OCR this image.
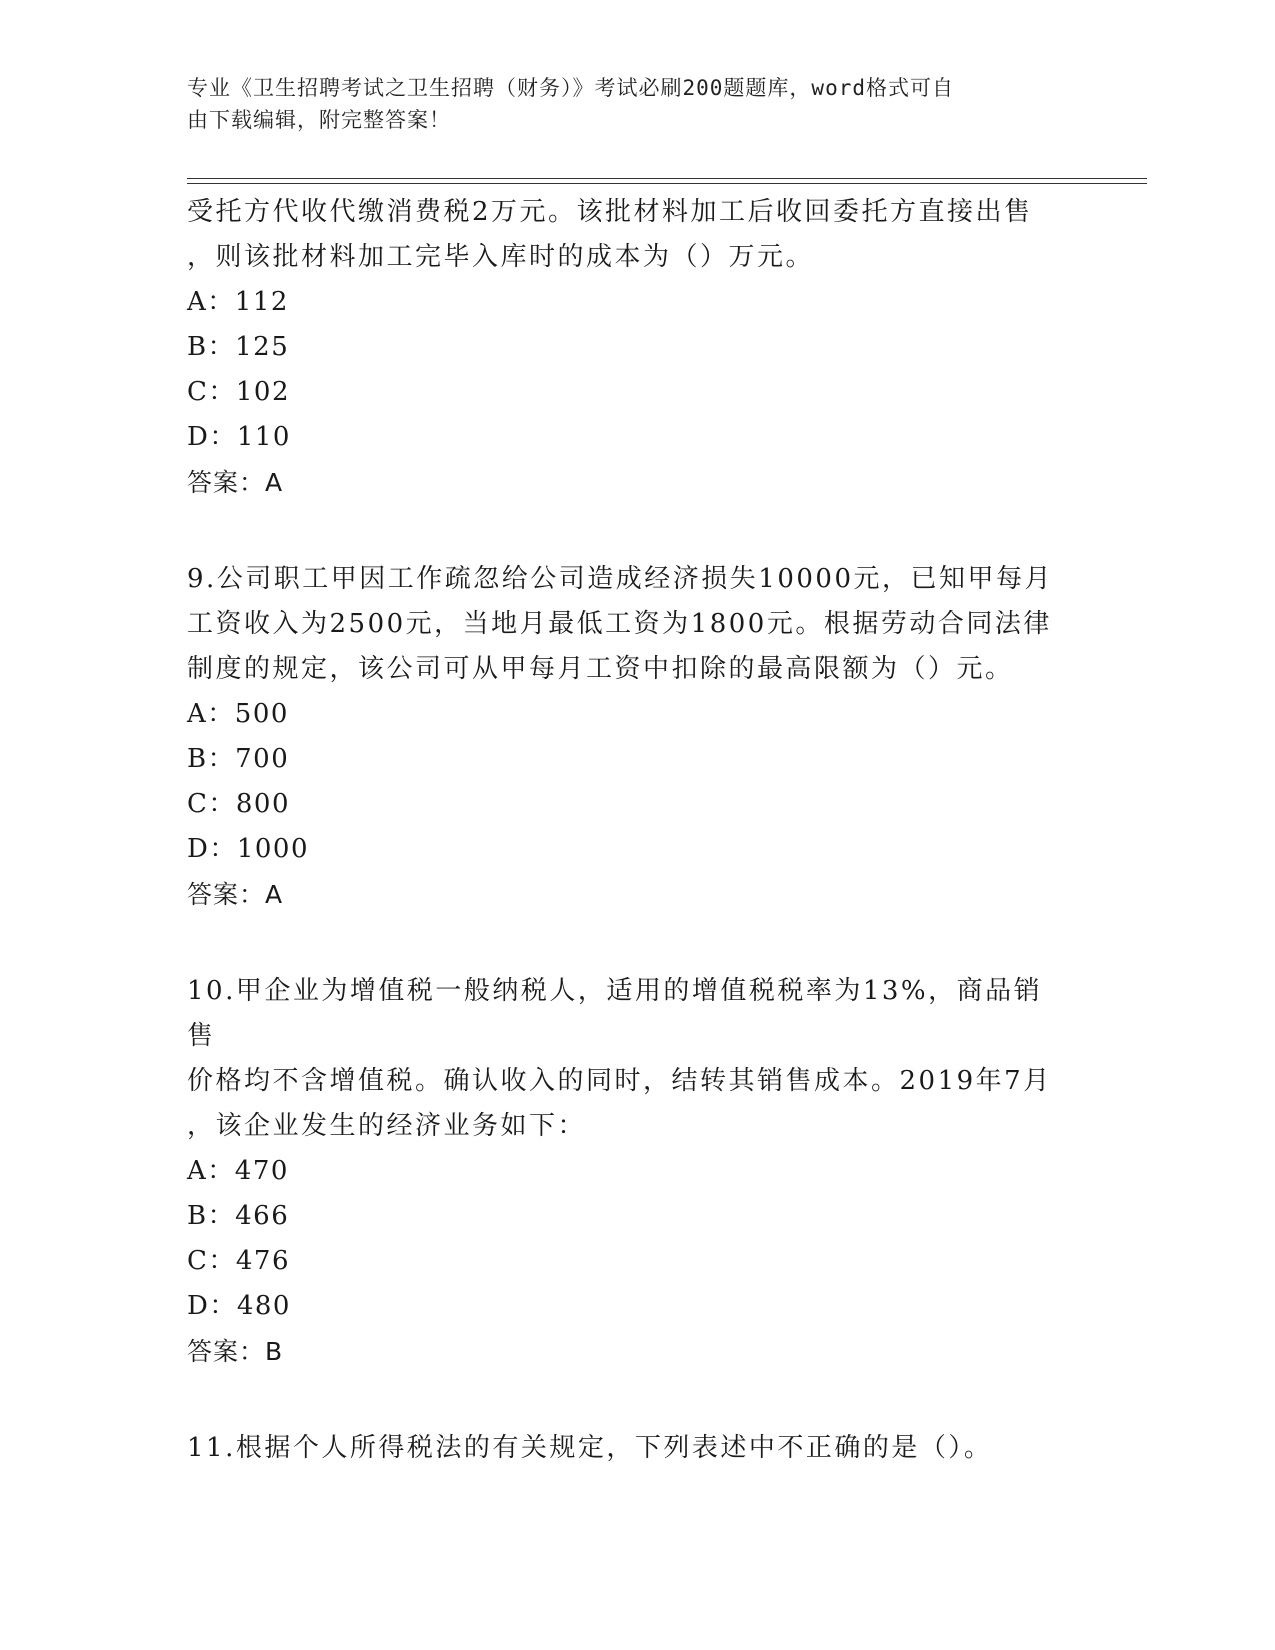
专业《卫生招聘考试之卫生招聘（财务）》考试必刷200题题库，word格式可自
由下载编辑，附完整答案！

受托方代收代缴消费税2万元。该批材料加工后收回委托方直接出售

，则该批材料加工完毕入库时的成本为（）万元。

A：112

B：125

C：102

D：110

答案：A

9.公司职工甲因工作疏忽给公司造成经济损失10000元，已知甲每月

工资收入为2500元，当地月最低工资为1800元。根据劳动合同法律

制度的规定，该公司可从甲每月工资中扣除的最高限额为（）元。

A：500

B：700

C：800

D：1000

答案：A

10.甲企业为增值税一般纳税人，适用的增值税税率为13%，商品销售

价格均不含增值税。确认收入的同时，结转其销售成本。2019年7月

，该企业发生的经济业务如下：

A：470

B：466

C：476

D：480

答案：B

11.根据个人所得税法的有关规定，下列表述中不正确的是（）。
